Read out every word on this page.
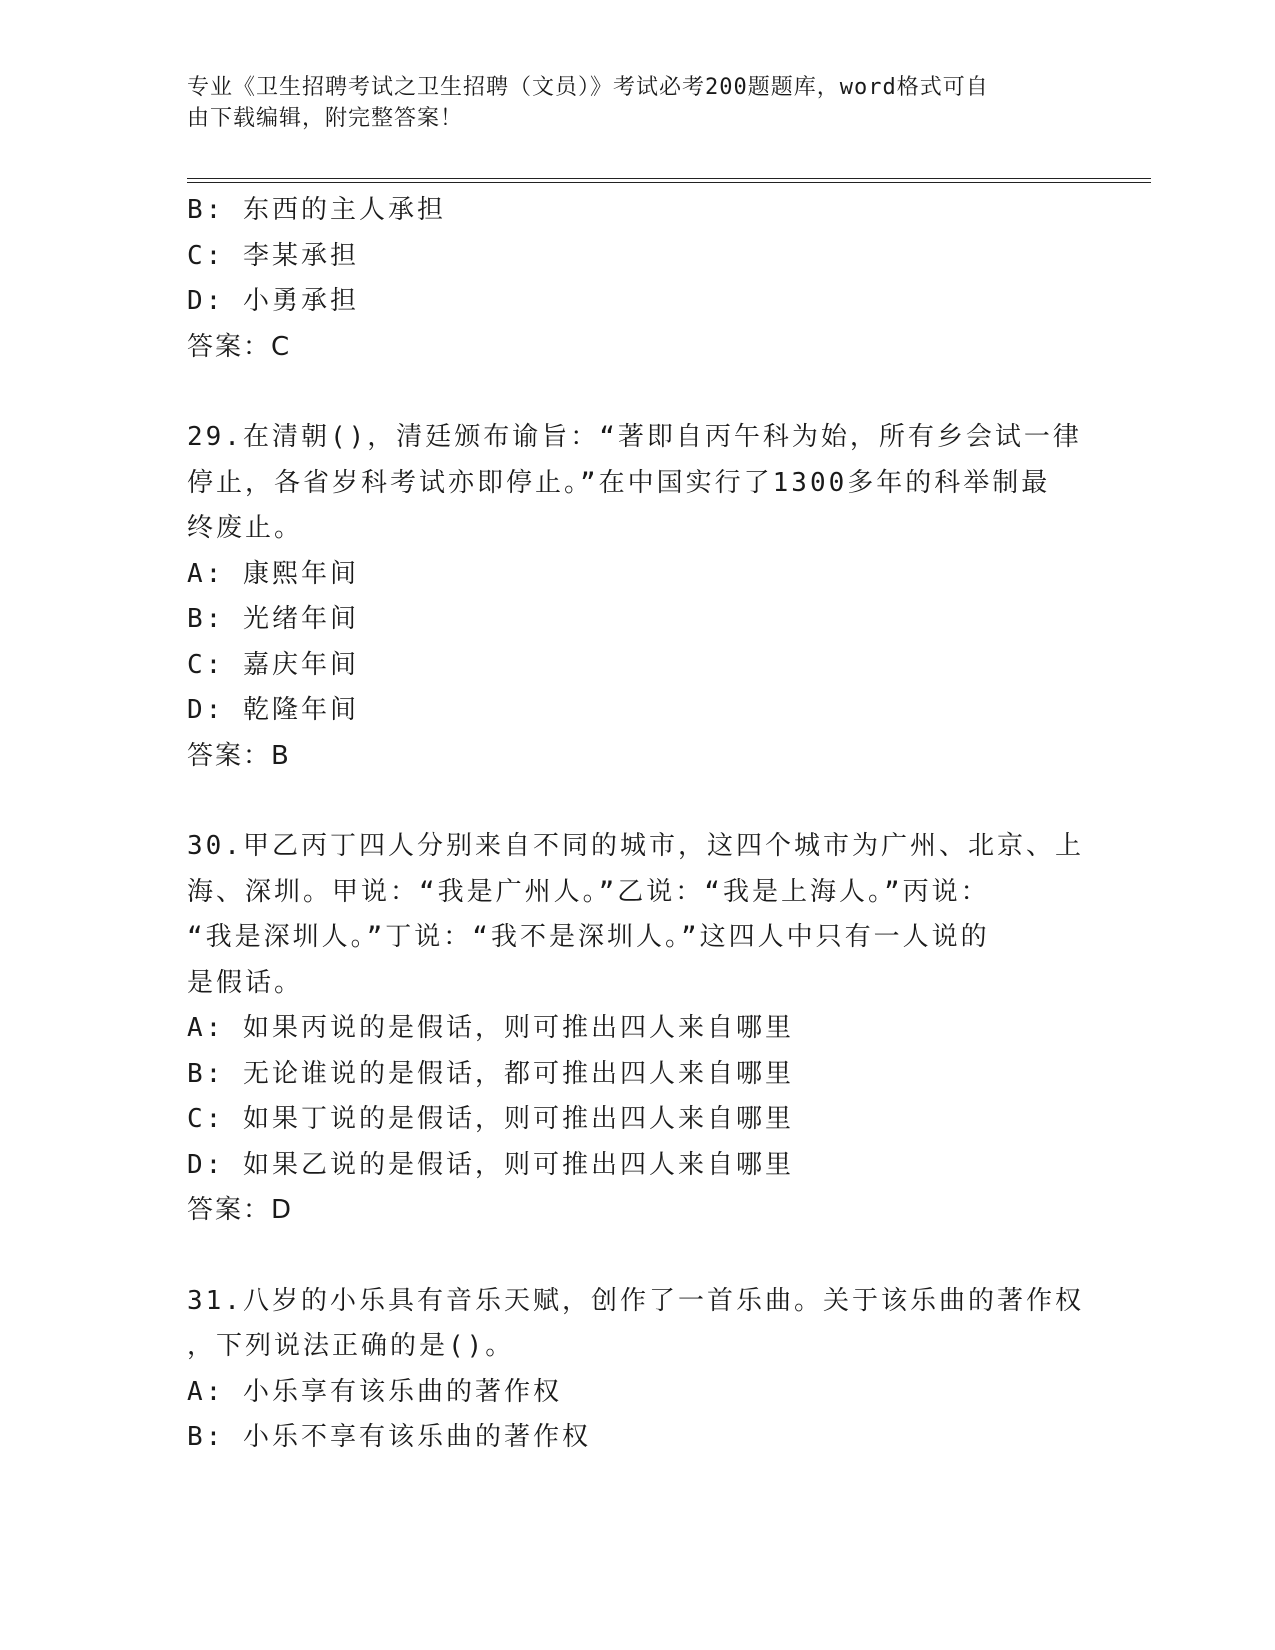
专业《卫生招聘考试之卫生招聘（文员）》考试必考200题题库，word格式可自
由下载编辑，附完整答案！
B: 东西的主人承担
C: 李某承担
D: 小勇承担
答案：C
29.在清朝()，清廷颁布谕旨：“著即自丙午科为始，所有乡会试一律
停止，各省岁科考试亦即停止。”在中国实行了1300多年的科举制最
终废止。
A: 康熙年间
B: 光绪年间
C: 嘉庆年间
D: 乾隆年间
答案：B
30.甲乙丙丁四人分别来自不同的城市，这四个城市为广州、北京、上
海、深圳。甲说：“我是广州人。”乙说：“我是上海人。”丙说：
“我是深圳人。”丁说：“我不是深圳人。”这四人中只有一人说的
是假话。
A: 如果丙说的是假话，则可推出四人来自哪里
B: 无论谁说的是假话，都可推出四人来自哪里
C: 如果丁说的是假话，则可推出四人来自哪里
D: 如果乙说的是假话，则可推出四人来自哪里
答案：D
31.八岁的小乐具有音乐天赋，创作了一首乐曲。关于该乐曲的著作权
，下列说法正确的是()。
A: 小乐享有该乐曲的著作权
B: 小乐不享有该乐曲的著作权
